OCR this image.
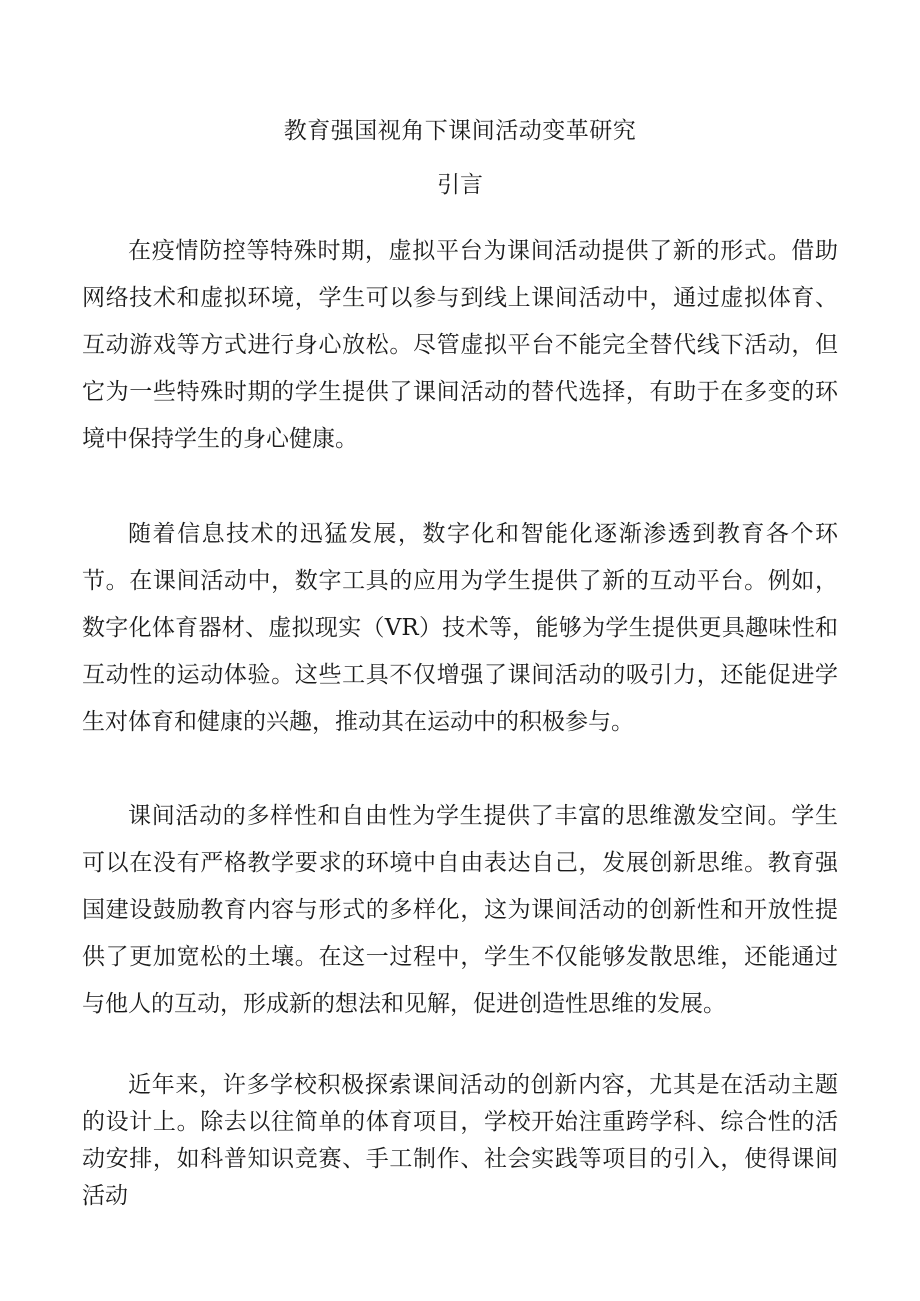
教育强国视角下课间活动变革研究
引言

在疫情防控等特殊时期，虚拟平台为课间活动提供了新的形式。借助网络技术和虚拟环境，学生可以参与到线上课间活动中，通过虚拟体育、互动游戏等方式进行身心放松。尽管虚拟平台不能完全替代线下活动，但它为一些特殊时期的学生提供了课间活动的替代选择，有助于在多变的环境中保持学生的身心健康。

随着信息技术的迅猛发展，数字化和智能化逐渐渗透到教育各个环节。在课间活动中，数字工具的应用为学生提供了新的互动平台。例如，数字化体育器材、虚拟现实（VR）技术等，能够为学生提供更具趣味性和互动性的运动体验。这些工具不仅增强了课间活动的吸引力，还能促进学生对体育和健康的兴趣，推动其在运动中的积极参与。

课间活动的多样性和自由性为学生提供了丰富的思维激发空间。学生可以在没有严格教学要求的环境中自由表达自己，发展创新思维。教育强国建设鼓励教育内容与形式的多样化，这为课间活动的创新性和开放性提供了更加宽松的土壤。在这一过程中，学生不仅能够发散思维，还能通过与他人的互动，形成新的想法和见解，促进创造性思维的发展。

近年来，许多学校积极探索课间活动的创新内容，尤其是在活动主题的设计上。除去以往简单的体育项目，学校开始注重跨学科、综合性的活动安排，如科普知识竞赛、手工制作、社会实践等项目的引入，使得课间活动
